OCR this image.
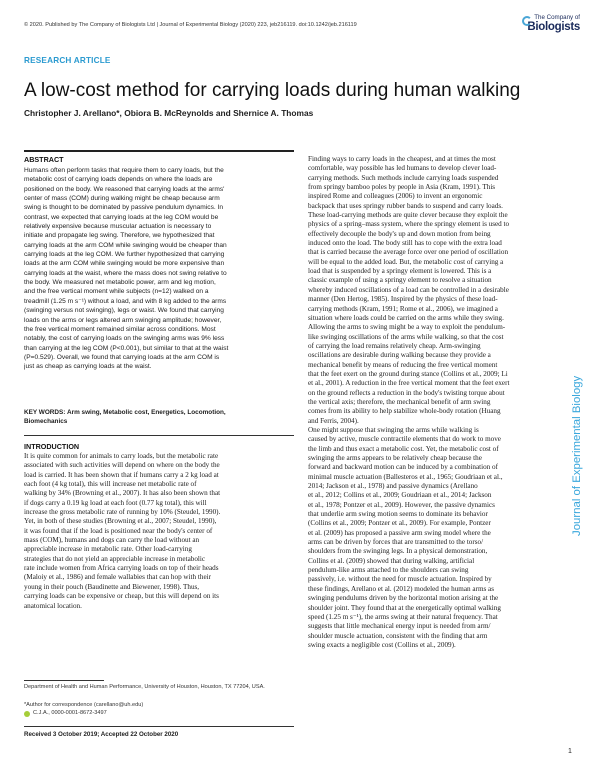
© 2020. Published by The Company of Biologists Ltd | Journal of Experimental Biology (2020) 223, jeb216119. doi:10.1242/jeb.216119
The Company of
Biologists
RESEARCH ARTICLE
A low-cost method for carrying loads during human walking
Christopher J. Arellano*, Obiora B. McReynolds and Shernice A. Thomas
ABSTRACT
Humans often perform tasks that require them to carry loads, but the
metabolic cost of carrying loads depends on where the loads are
positioned on the body. We reasoned that carrying loads at the arms'
center of mass (COM) during walking might be cheap because arm
swing is thought to be dominated by passive pendulum dynamics. In
contrast, we expected that carrying loads at the leg COM would be
relatively expensive because muscular actuation is necessary to
initiate and propagate leg swing. Therefore, we hypothesized that
carrying loads at the arm COM while swinging would be cheaper than
carrying loads at the leg COM. We further hypothesized that carrying
loads at the arm COM while swinging would be more expensive than
carrying loads at the waist, where the mass does not swing relative to
the body. We measured net metabolic power, arm and leg motion,
and the free vertical moment while subjects (n=12) walked on a
treadmill (1.25 m s⁻¹) without a load, and with 8 kg added to the arms
(swinging versus not swinging), legs or waist. We found that carrying
loads on the arms or legs altered arm swinging amplitude; however,
the free vertical moment remained similar across conditions. Most
notably, the cost of carrying loads on the swinging arms was 9% less
than carrying at the leg COM (P<0.001), but similar to that at the waist
(P=0.529). Overall, we found that carrying loads at the arm COM is
just as cheap as carrying loads at the waist.
KEY WORDS: Arm swing, Metabolic cost, Energetics, Locomotion,
Biomechanics
INTRODUCTION
It is quite common for animals to carry loads, but the metabolic rate
associated with such activities will depend on where on the body the
load is carried. It has been shown that if humans carry a 2 kg load at
each foot (4 kg total), this will increase net metabolic rate of
walking by 34% (Browning et al., 2007). It has also been shown that
if dogs carry a 0.19 kg load at each foot (0.77 kg total), this will
increase the gross metabolic rate of running by 10% (Steudel, 1990).
Yet, in both of these studies (Browning et al., 2007; Steudel, 1990),
it was found that if the load is positioned near the body's center of
mass (COM), humans and dogs can carry the load without an
appreciable increase in metabolic rate. Other load-carrying
strategies that do not yield an appreciable increase in metabolic
rate include women from Africa carrying loads on top of their heads
(Maloiy et al., 1986) and female wallabies that can hop with their
young in their pouch (Baudinette and Biewener, 1998). Thus,
carrying loads can be expensive or cheap, but this will depend on its
anatomical location.
Finding ways to carry loads in the cheapest, and at times the most
comfortable, way possible has led humans to develop clever load-
carrying methods. Such methods include carrying loads suspended
from springy bamboo poles by people in Asia (Kram, 1991). This
inspired Rome and colleagues (2006) to invent an ergonomic
backpack that uses springy rubber bands to suspend and carry loads.
These load-carrying methods are quite clever because they exploit the
physics of a spring–mass system, where the springy element is used to
effectively decouple the body's up and down motion from being
induced onto the load. The body still has to cope with the extra load
that is carried because the average force over one period of oscillation
will be equal to the added load. But, the metabolic cost of carrying a
load that is suspended by a springy element is lowered. This is a
classic example of using a springy element to resolve a situation
whereby induced oscillations of a load can be controlled in a desirable
manner (Den Hertog, 1985). Inspired by the physics of these load-
carrying methods (Kram, 1991; Rome et al., 2006), we imagined a
situation where loads could be carried on the arms while they swing.
Allowing the arms to swing might be a way to exploit the pendulum-
like swinging oscillations of the arms while walking, so that the cost
of carrying the load remains relatively cheap. Arm-swinging
oscillations are desirable during walking because they provide a
mechanical benefit by means of reducing the free vertical moment
that the feet exert on the ground during stance (Collins et al., 2009; Li
et al., 2001). A reduction in the free vertical moment that the feet exert
on the ground reflects a reduction in the body's twisting torque about
the vertical axis; therefore, the mechanical benefit of arm swing
comes from its ability to help stabilize whole-body rotation (Huang
and Ferris, 2004).
One might suppose that swinging the arms while walking is
caused by active, muscle contractile elements that do work to move
the limb and thus exact a metabolic cost. Yet, the metabolic cost of
swinging the arms appears to be relatively cheap because the
forward and backward motion can be induced by a combination of
minimal muscle actuation (Ballesteros et al., 1965; Goudriaan et al.,
2014; Jackson et al., 1978) and passive dynamics (Arellano
et al., 2012; Collins et al., 2009; Goudriaan et al., 2014; Jackson
et al., 1978; Pontzer et al., 2009). However, the passive dynamics
that underlie arm swing motion seems to dominate its behavior
(Collins et al., 2009; Pontzer et al., 2009). For example, Pontzer
et al. (2009) has proposed a passive arm swing model where the
arms can be driven by forces that are transmitted to the torso/
shoulders from the swinging legs. In a physical demonstration,
Collins et al. (2009) showed that during walking, artificial
pendulum-like arms attached to the shoulders can swing
passively, i.e. without the need for muscle actuation. Inspired by
these findings, Arellano et al. (2012) modeled the human arms as
swinging pendulums driven by the horizontal motion arising at the
shoulder joint. They found that at the energetically optimal walking
speed (1.25 m s⁻¹), the arms swing at their natural frequency. That
suggests that little mechanical energy input is needed from arm/
shoulder muscle actuation, consistent with the finding that arm
swing exacts a negligible cost (Collins et al., 2009).
Department of Health and Human Performance, University of Houston, Houston, TX 77204, USA.
*Author for correspondence (carellano@uh.edu)
C.J.A., 0000-0001-8672-3497
Received 3 October 2019; Accepted 22 October 2020
Journal of Experimental Biology
1
